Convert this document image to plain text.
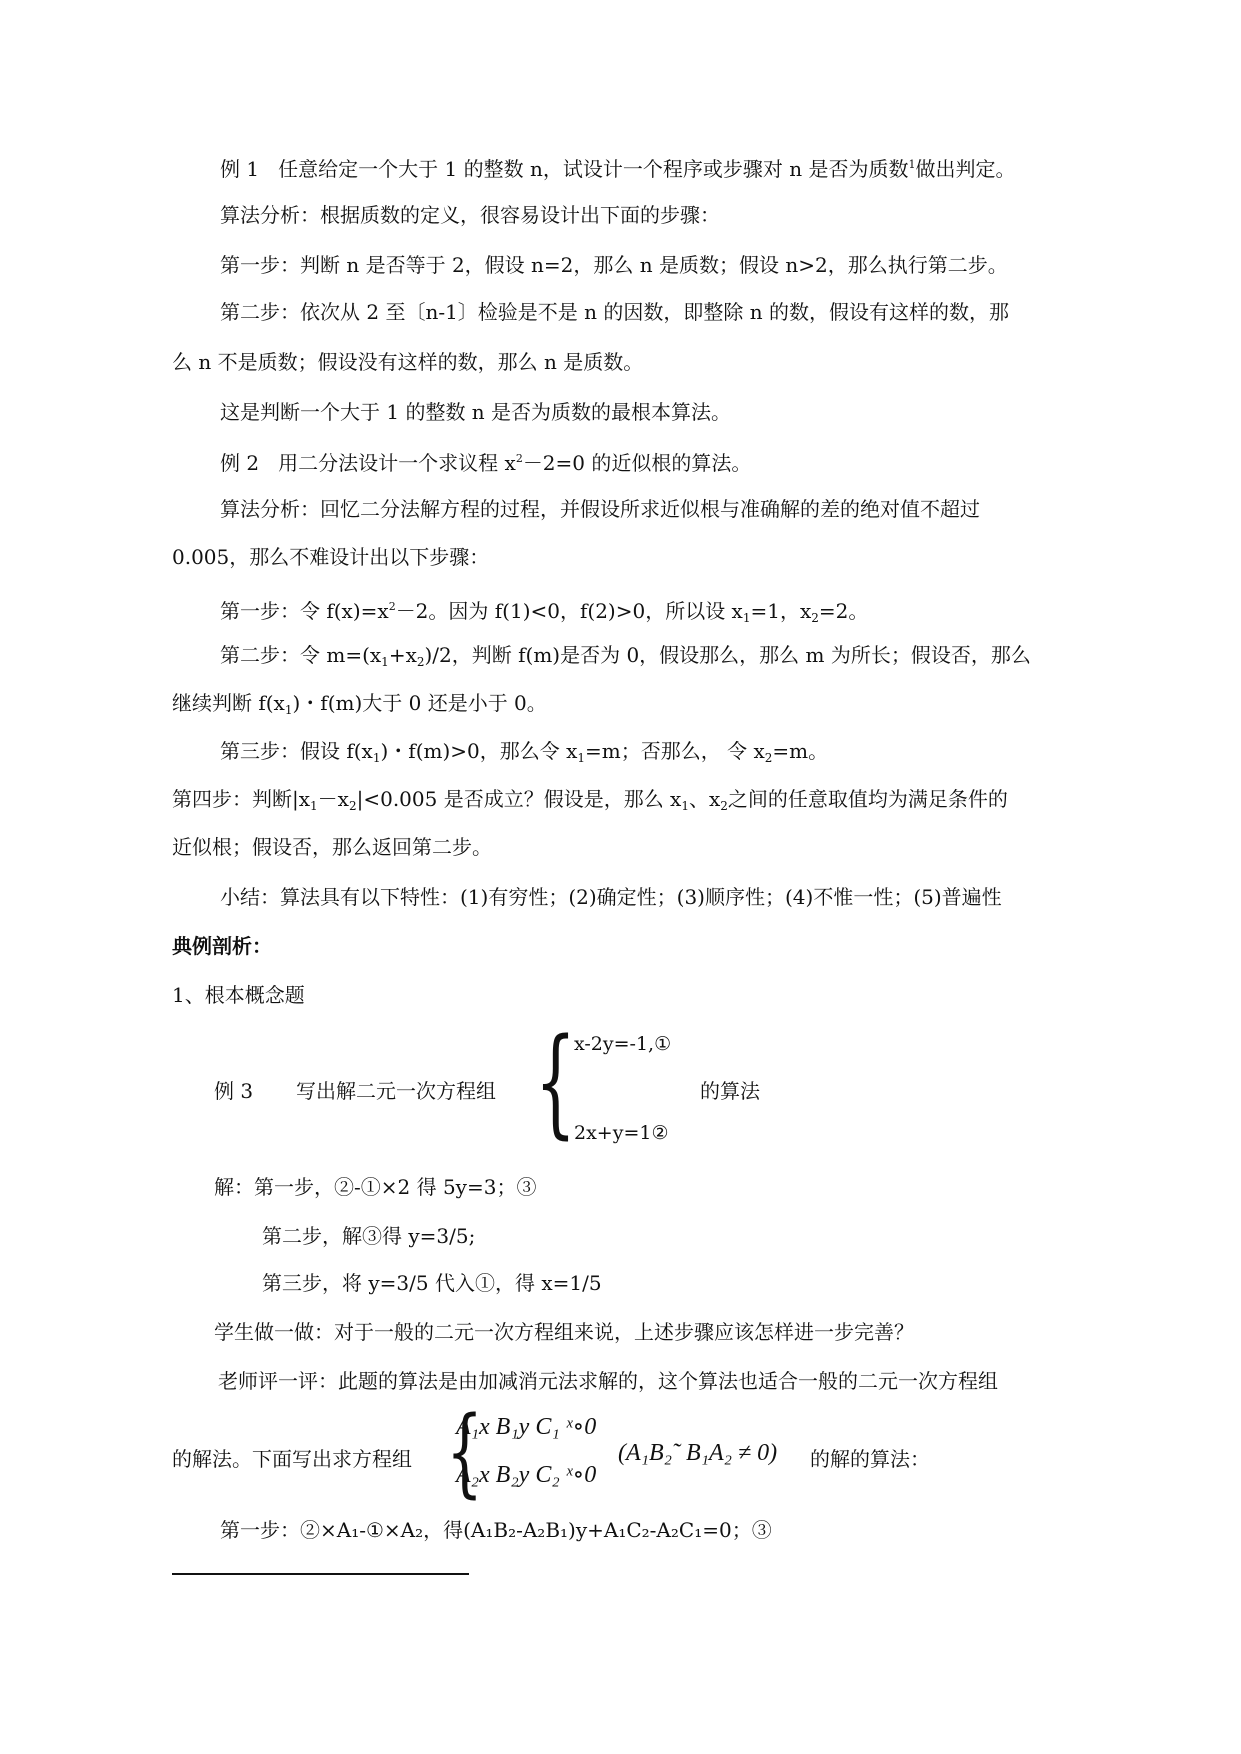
例 1 任意给定一个大于 1 的整数 n，试设计一个程序或步骤对 n 是否为质数$^1$做出判定。
算法分析：根据质数的定义，很容易设计出下面的步骤：
第一步：判断 n 是否等于 2，假设 n=2，那么 n 是质数；假设 n>2，那么执行第二步。
第二步：依次从 2 至〔n-1〕检验是不是 n 的因数，即整除 n 的数，假设有这样的数，那
么 n 不是质数；假设没有这样的数，那么 n 是质数。
这是判断一个大于 1 的整数 n 是否为质数的最根本算法。
例 2 用二分法设计一个求议程 $x^2-2=0$ 的近似根的算法。
算法分析：回忆二分法解方程的过程，并假设所求近似根与准确解的差的绝对值不超过
0.005，那么不难设计出以下步骤：
第一步：令 $f(x)=x^2-2$。因为 f(1)<0，f(2)>0，所以设 $x_1=1$，$x_2=2$。
第二步：令 $m=(x_1+x_2)/2$，判断 f(m)是否为 0，假设那么，那么 m 为所长；假设否，那么
继续判断 $f(x_1)$・f(m)大于 0 还是小于 0。
第三步：假设 $f(x_1)$・f(m)>0，那么令 $x_1=m$；否那么， 令 $x_2=m$。
第四步：判断$|x_1-x_2|<0.005$ 是否成立？假设是，那么 $x_1$、$x_2$之间的任意取值均为满足条件的
近似根；假设否，那么返回第二步。
小结：算法具有以下特性：(1)有穷性；(2)确定性；(3)顺序性；(4)不惟一性；(5)普遍性
典例剖析：
1、根本概念题
例 3 写出解二元一次方程组 {
x-2y=-1,①
2x+y=1②
的算法
解：第一步，②-①×2 得 5y=3；③
第二步，解③得 y=3/5;
第三步，将 y=3/5 代入①，得 x=1/5
学生做一做：对于一般的二元一次方程组来说，上述步骤应该怎样进一步完善？
老师评一评：此题的算法是由加减消元法求解的，这个算法也适合一般的二元一次方程组
的解法。下面写出求方程组 {
A₁x B₁y C₁ ˣ∘0
A₂x B₂y C₂ ˣ∘0
(A₁B₂˜ B₁A₂ ≠ 0) 的解的算法：
第一步：②×A₁-①×A₂，得(A₁B₂-A₂B₁)y+A₁C₂-A₂C₁=0；③
